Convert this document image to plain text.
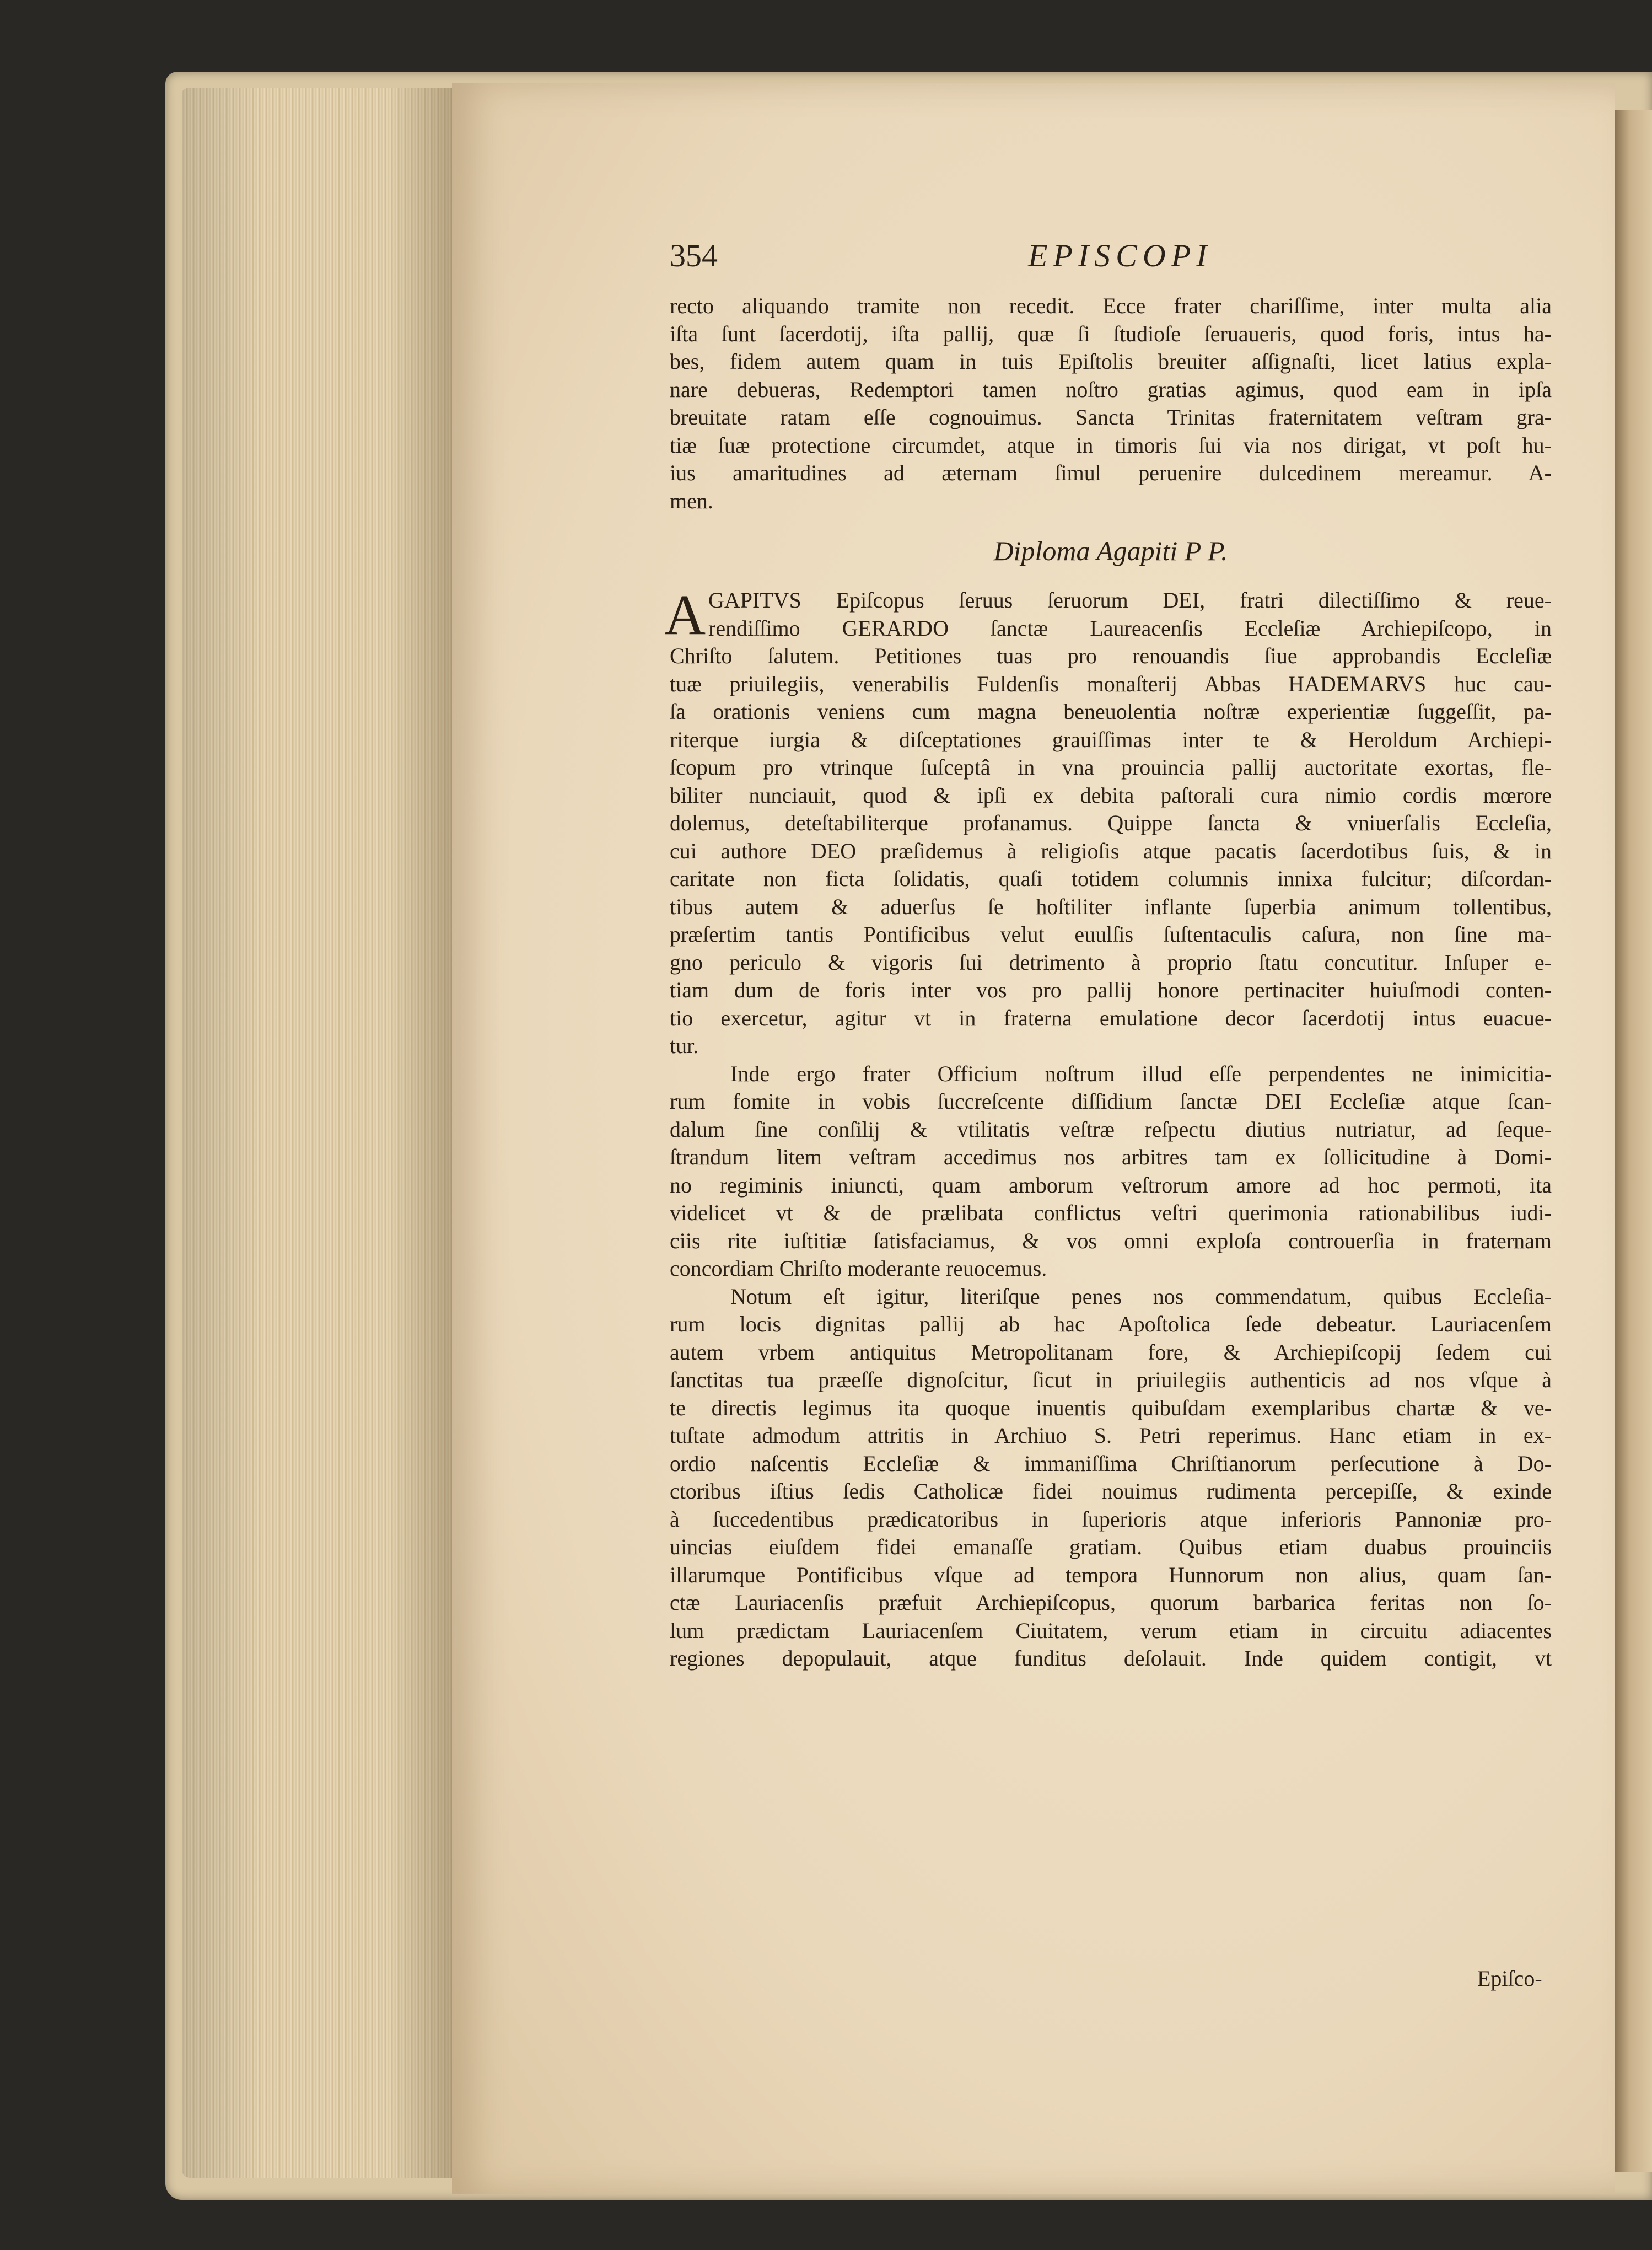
354	EPISCOPI
recto aliquando tramite non recedit. Ecce frater chariſſime, inter multa alia
iſta ſunt ſacerdotij, iſta pallij, quæ ſi ſtudioſe ſeruaueris, quod foris, intus ha-
bes, fidem autem quam in tuis Epiſtolis breuiter aſſignaſti, licet latius expla-
nare debueras, Redemptori tamen noſtro gratias agimus, quod eam in ipſa
breuitate ratam eſſe cognouimus. Sancta Trinitas fraternitatem veſtram gra-
tiæ ſuæ protectione circumdet, atque in timoris ſui via nos dirigat, vt poſt hu-
ius amaritudines ad æternam ſimul peruenire dulcedinem mereamur. A-
men.
Diploma Agapiti P P.
A GAPITVS Epiſcopus ſeruus ſeruorum DEI, fratri dilectiſſimo & reue-
rendiſſimo GERARDO ſanctæ Laureacenſis Eccleſiæ Archiepiſcopo, in
Chriſto ſalutem. Petitiones tuas pro renouandis ſiue approbandis Eccleſiæ
tuæ priuilegiis, venerabilis Fuldenſis monaſterij Abbas HADEMARVS huc cau-
ſa orationis veniens cum magna beneuolentia noſtræ experientiæ ſuggeſſit, pa-
riterque iurgia & diſceptationes grauiſſimas inter te & Heroldum Archiepi-
ſcopum pro vtrinque ſuſceptâ in vna prouincia pallij auctoritate exortas, fle-
biliter nunciauit, quod & ipſi ex debita paſtorali cura nimio cordis mœrore
dolemus, deteſtabiliterque profanamus. Quippe ſancta & vniuerſalis Eccleſia,
cui authore DEO præſidemus à religioſis atque pacatis ſacerdotibus ſuis, & in
caritate non ficta ſolidatis, quaſi totidem columnis innixa fulcitur; diſcordan-
tibus autem & aduerſus ſe hoſtiliter inflante ſuperbia animum tollentibus,
præſertim tantis Pontificibus velut euulſis ſuſtentaculis caſura, non ſine ma-
gno periculo & vigoris ſui detrimento à proprio ſtatu concutitur. Inſuper e-
tiam dum de foris inter vos pro pallij honore pertinaciter huiuſmodi conten-
tio exercetur, agitur vt in fraterna emulatione decor ſacerdotij intus euacue-
tur.
Inde ergo frater Officium noſtrum illud eſſe perpendentes ne inimicitia-
rum fomite in vobis ſuccreſcente diſſidium ſanctæ DEI Eccleſiæ atque ſcan-
dalum ſine conſilij & vtilitatis veſtræ reſpectu diutius nutriatur, ad ſeque-
ſtrandum litem veſtram accedimus nos arbitres tam ex ſollicitudine à Domi-
no regiminis iniuncti, quam amborum veſtrorum amore ad hoc permoti, ita
videlicet vt & de prælibata conflictus veſtri querimonia rationabilibus iudi-
ciis rite iuſtitiæ ſatisfaciamus, & vos omni exploſa controuerſia in fraternam
concordiam Chriſto moderante reuocemus.
Notum eſt igitur, literiſque penes nos commendatum, quibus Eccleſia-
rum locis dignitas pallij ab hac Apoſtolica ſede debeatur. Lauriacenſem
autem vrbem antiquitus Metropolitanam fore, & Archiepiſcopij ſedem cui
ſanctitas tua præeſſe dignoſcitur, ſicut in priuilegiis authenticis ad nos vſque à
te directis legimus ita quoque inuentis quibuſdam exemplaribus chartæ & ve-
tuſtate admodum attritis in Archiuo S. Petri reperimus. Hanc etiam in ex-
ordio naſcentis Eccleſiæ & immaniſſima Chriſtianorum perſecutione à Do-
ctoribus iſtius ſedis Catholicæ fidei nouimus rudimenta percepiſſe, & exinde
à ſuccedentibus prædicatoribus in ſuperioris atque inferioris Pannoniæ pro-
uincias eiuſdem fidei emanaſſe gratiam. Quibus etiam duabus prouinciis
illarumque Pontificibus vſque ad tempora Hunnorum non alius, quam ſan-
ctæ Lauriacenſis præfuit Archiepiſcopus, quorum barbarica feritas non ſo-
lum prædictam Lauriacenſem Ciuitatem, verum etiam in circuitu adiacentes
regiones depopulauit, atque funditus deſolauit. Inde quidem contigit, vt
Epiſco-
